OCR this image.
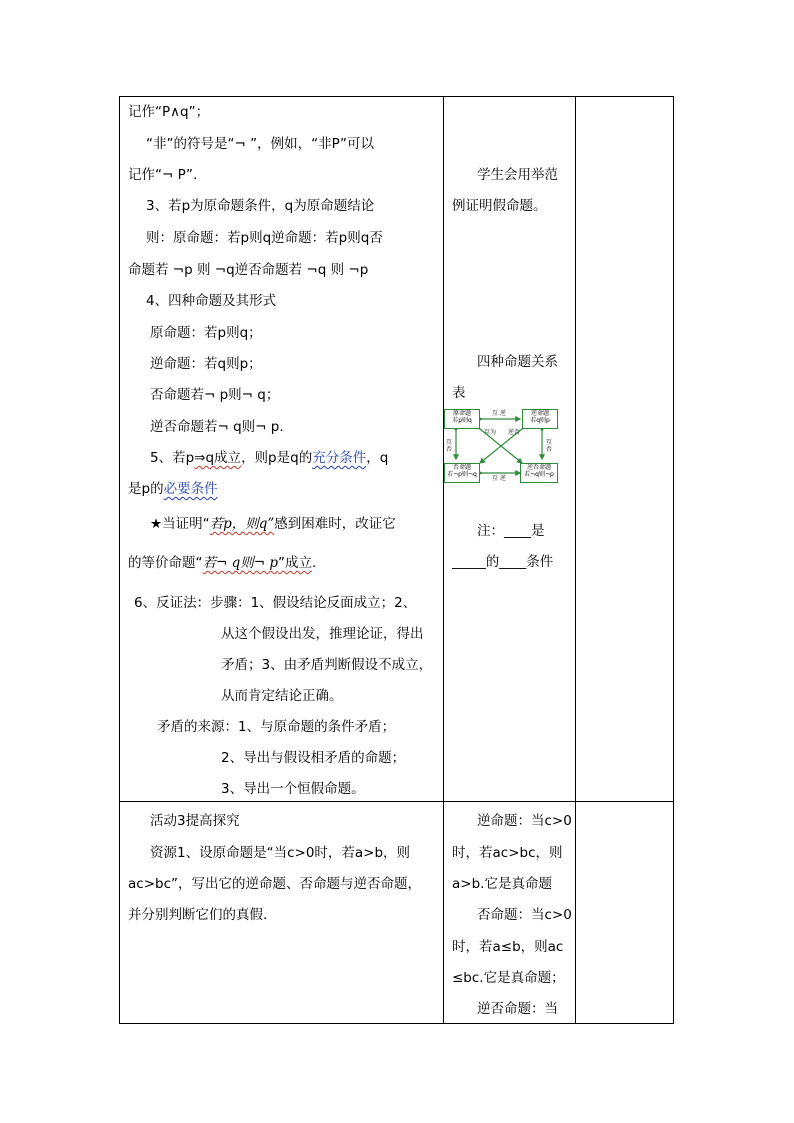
记作“P∧q”；
“非”的符号是“¬ ”，例如，“非P”可以
记作“¬ P”.
3、若p为原命题条件，q为原命题结论
则：原命题：若p则q逆命题：若p则q否
命题若 ¬p 则 ¬q逆否命题若 ¬q 则 ¬p
4、四种命题及其形式
原命题：若p则q；
逆命题：若q则p；
否命题若¬ p则¬ q；
逆否命题若¬ q则¬ p.
5、若p⇒q成立，则p是q的充分条件，q
是p的必要条件
★当证明“若p，则q”感到困难时，改证它
的等价命题“若¬ q则¬ p”成立.
6、反证法：步骤：1、假设结论反面成立；2、
从这个假设出发，推理论证，得出
矛盾；3、由矛盾判断假设不成立，
从而肯定结论正确。
矛盾的来源：1、与原命题的条件矛盾；
2、导出与假设相矛盾的命题；
3、导出一个恒假命题。
活动3提高探究
资源1、设原命题是“当c>0时，若a>b，则
ac>bc”，写出它的逆命题、否命题与逆否命题，
并分别判断它们的真假.
学生会用举范
例证明假命题。
四种命题关系
表
原命题
若p则q
逆命题
若q则p
否命题
若¬p则¬q
逆否命题
若¬q则¬p
互 逆
互 逆
互否
互否
互为 逆否
注：____是
_____的____条件
逆命题：当c>0
时，若ac>bc，则
a>b.它是真命题
否命题：当c>0
时，若a≤b，则ac
≤bc.它是真命题；
逆否命题：当
